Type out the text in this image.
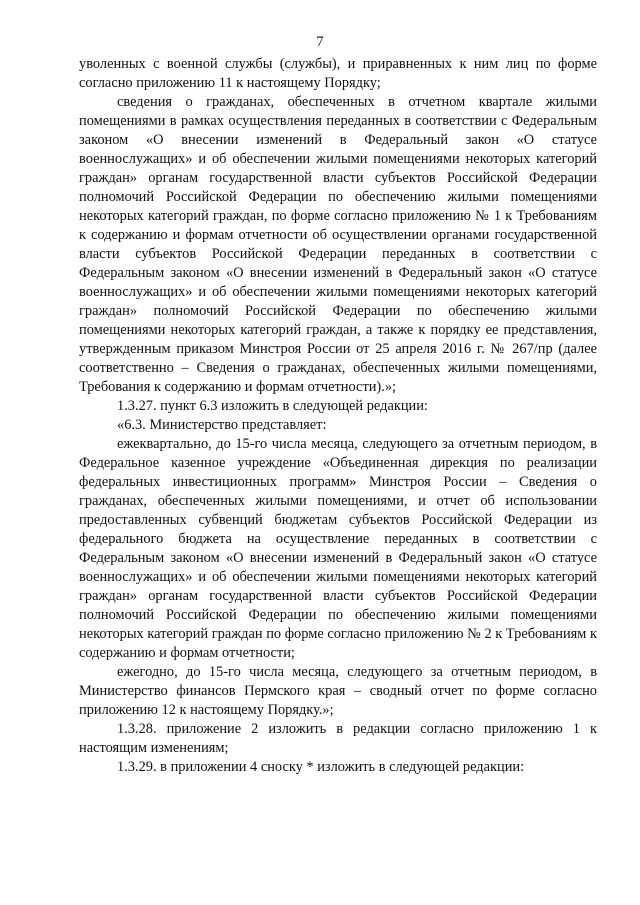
7

уволенных с военной службы (службы), и приравненных к ним лиц по форме согласно приложению 11 к настоящему Порядку;

сведения о гражданах, обеспеченных в отчетном квартале жилыми помещениями в рамках осуществления переданных в соответствии с Федеральным законом «О внесении изменений в Федеральный закон «О статусе военнослужащих» и об обеспечении жилыми помещениями некоторых категорий граждан» органам государственной власти субъектов Российской Федерации полномочий Российской Федерации по обеспечению жилыми помещениями некоторых категорий граждан, по форме согласно приложению № 1 к Требованиям к содержанию и формам отчетности об осуществлении органами государственной власти субъектов Российской Федерации переданных в соответствии с Федеральным законом «О внесении изменений в Федеральный закон «О статусе военнослужащих» и об обеспечении жилыми помещениями некоторых категорий граждан» полномочий Российской Федерации по обеспечению жилыми помещениями некоторых категорий граждан, а также к порядку ее представления, утвержденным приказом Минстроя России от 25 апреля 2016 г. № 267/пр (далее соответственно – Сведения о гражданах, обеспеченных жилыми помещениями, Требования к содержанию и формам отчетности).»;

1.3.27. пункт 6.3 изложить в следующей редакции:

«6.3. Министерство представляет:

ежеквартально, до 15-го числа месяца, следующего за отчетным периодом, в Федеральное казенное учреждение «Объединенная дирекция по реализации федеральных инвестиционных программ» Минстроя России – Сведения о гражданах, обеспеченных жилыми помещениями, и отчет об использовании предоставленных субвенций бюджетам субъектов Российской Федерации из федерального бюджета на осуществление переданных в соответствии с Федеральным законом «О внесении изменений в Федеральный закон «О статусе военнослужащих» и об обеспечении жилыми помещениями некоторых категорий граждан» органам государственной власти субъектов Российской Федерации полномочий Российской Федерации по обеспечению жилыми помещениями некоторых категорий граждан по форме согласно приложению № 2 к Требованиям к содержанию и формам отчетности;

ежегодно, до 15-го числа месяца, следующего за отчетным периодом, в Министерство финансов Пермского края – сводный отчет по форме согласно приложению 12 к настоящему Порядку.»;

1.3.28. приложение 2 изложить в редакции согласно приложению 1 к настоящим изменениям;

1.3.29. в приложении 4 сноску * изложить в следующей редакции:
